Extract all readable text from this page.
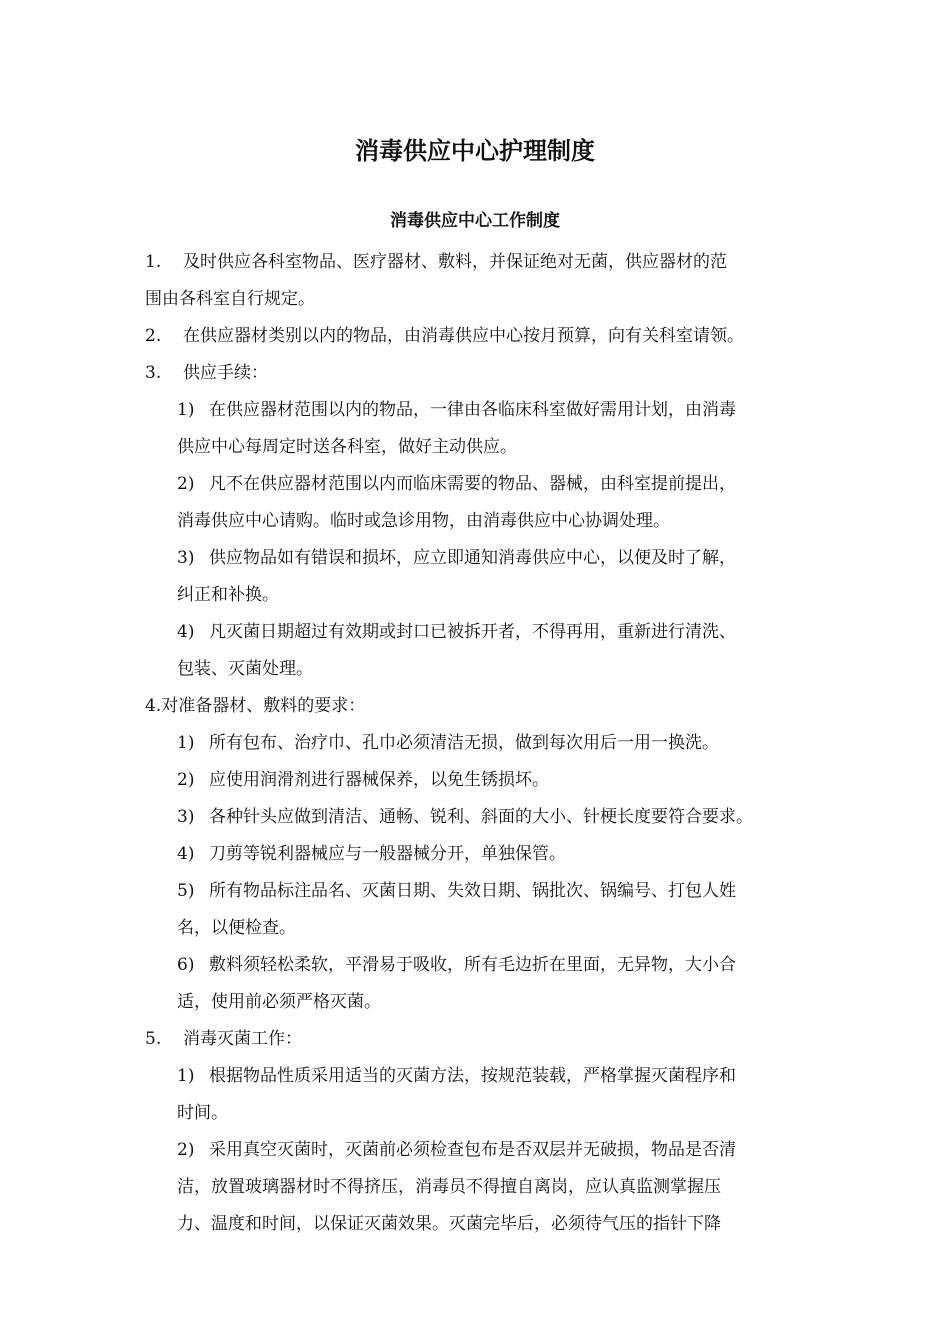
消毒供应中心护理制度
消毒供应中心工作制度
1. 及时供应各科室物品、医疗器材、敷料，并保证绝对无菌，供应器材的范
围由各科室自行规定。
2. 在供应器材类别以内的物品，由消毒供应中心按月预算，向有关科室请领。
3. 供应手续：
1) 在供应器材范围以内的物品，一律由各临床科室做好需用计划，由消毒
供应中心每周定时送各科室，做好主动供应。
2) 凡不在供应器材范围以内而临床需要的物品、器械，由科室提前提出，
消毒供应中心请购。临时或急诊用物，由消毒供应中心协调处理。
3) 供应物品如有错误和损坏，应立即通知消毒供应中心，以便及时了解，
纠正和补换。
4) 凡灭菌日期超过有效期或封口已被拆开者，不得再用，重新进行清洗、
包装、灭菌处理。
4.对准备器材、敷料的要求：
1) 所有包布、治疗巾、孔巾必须清洁无损，做到每次用后一用一换洗。
2) 应使用润滑剂进行器械保养，以免生锈损坏。
3) 各种针头应做到清洁、通畅、锐利、斜面的大小、针梗长度要符合要求。
4) 刀剪等锐利器械应与一般器械分开，单独保管。
5) 所有物品标注品名、灭菌日期、失效日期、锅批次、锅编号、打包人姓
名，以便检查。
6) 敷料须轻松柔软，平滑易于吸收，所有毛边折在里面，无异物，大小合
适，使用前必须严格灭菌。
5. 消毒灭菌工作：
1) 根据物品性质采用适当的灭菌方法，按规范装载，严格掌握灭菌程序和
时间。
2) 采用真空灭菌时，灭菌前必须检查包布是否双层并无破损，物品是否清
洁，放置玻璃器材时不得挤压，消毒员不得擅自离岗，应认真监测掌握压
力、温度和时间，以保证灭菌效果。灭菌完毕后，必须待气压的指针下降
